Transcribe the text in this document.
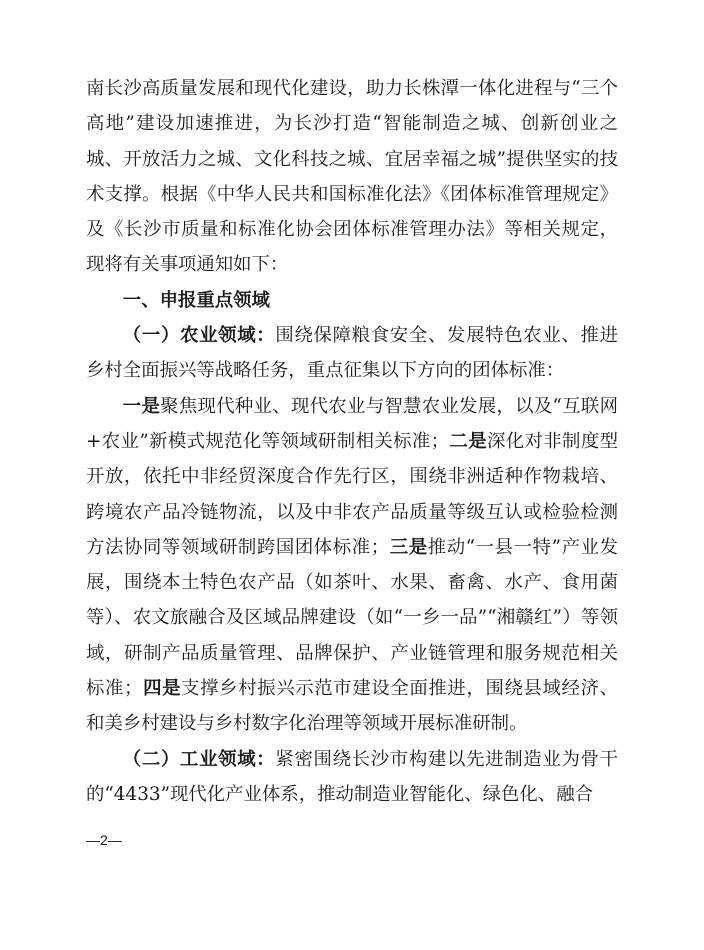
南长沙高质量发展和现代化建设，助力长株潭一体化进程与“三个高地”建设加速推进，为长沙打造“智能制造之城、创新创业之城、开放活力之城、文化科技之城、宜居幸福之城”提供坚实的技术支撑。根据《中华人民共和国标准化法》《团体标准管理规定》及《长沙市质量和标准化协会团体标准管理办法》等相关规定，现将有关事项通知如下：

一、申报重点领域

（一）农业领域：围绕保障粮食安全、发展特色农业、推进乡村全面振兴等战略任务，重点征集以下方向的团体标准：

一是聚焦现代种业、现代农业与智慧农业发展，以及“互联网+农业”新模式规范化等领域研制相关标准；二是深化对非制度型开放，依托中非经贸深度合作先行区，围绕非洲适种作物栽培、跨境农产品冷链物流，以及中非农产品质量等级互认或检验检测方法协同等领域研制跨国团体标准；三是推动“一县一特”产业发展，围绕本土特色农产品（如茶叶、水果、畜禽、水产、食用菌等）、农文旅融合及区域品牌建设（如“一乡一品”“湘赣红”）等领域，研制产品质量管理、品牌保护、产业链管理和服务规范相关标准；四是支撑乡村振兴示范市建设全面推进，围绕县域经济、和美乡村建设与乡村数字化治理等领域开展标准研制。

（二）工业领域：紧密围绕长沙市构建以先进制造业为骨干的“4433”现代化产业体系，推动制造业智能化、绿色化、融合

—2—
